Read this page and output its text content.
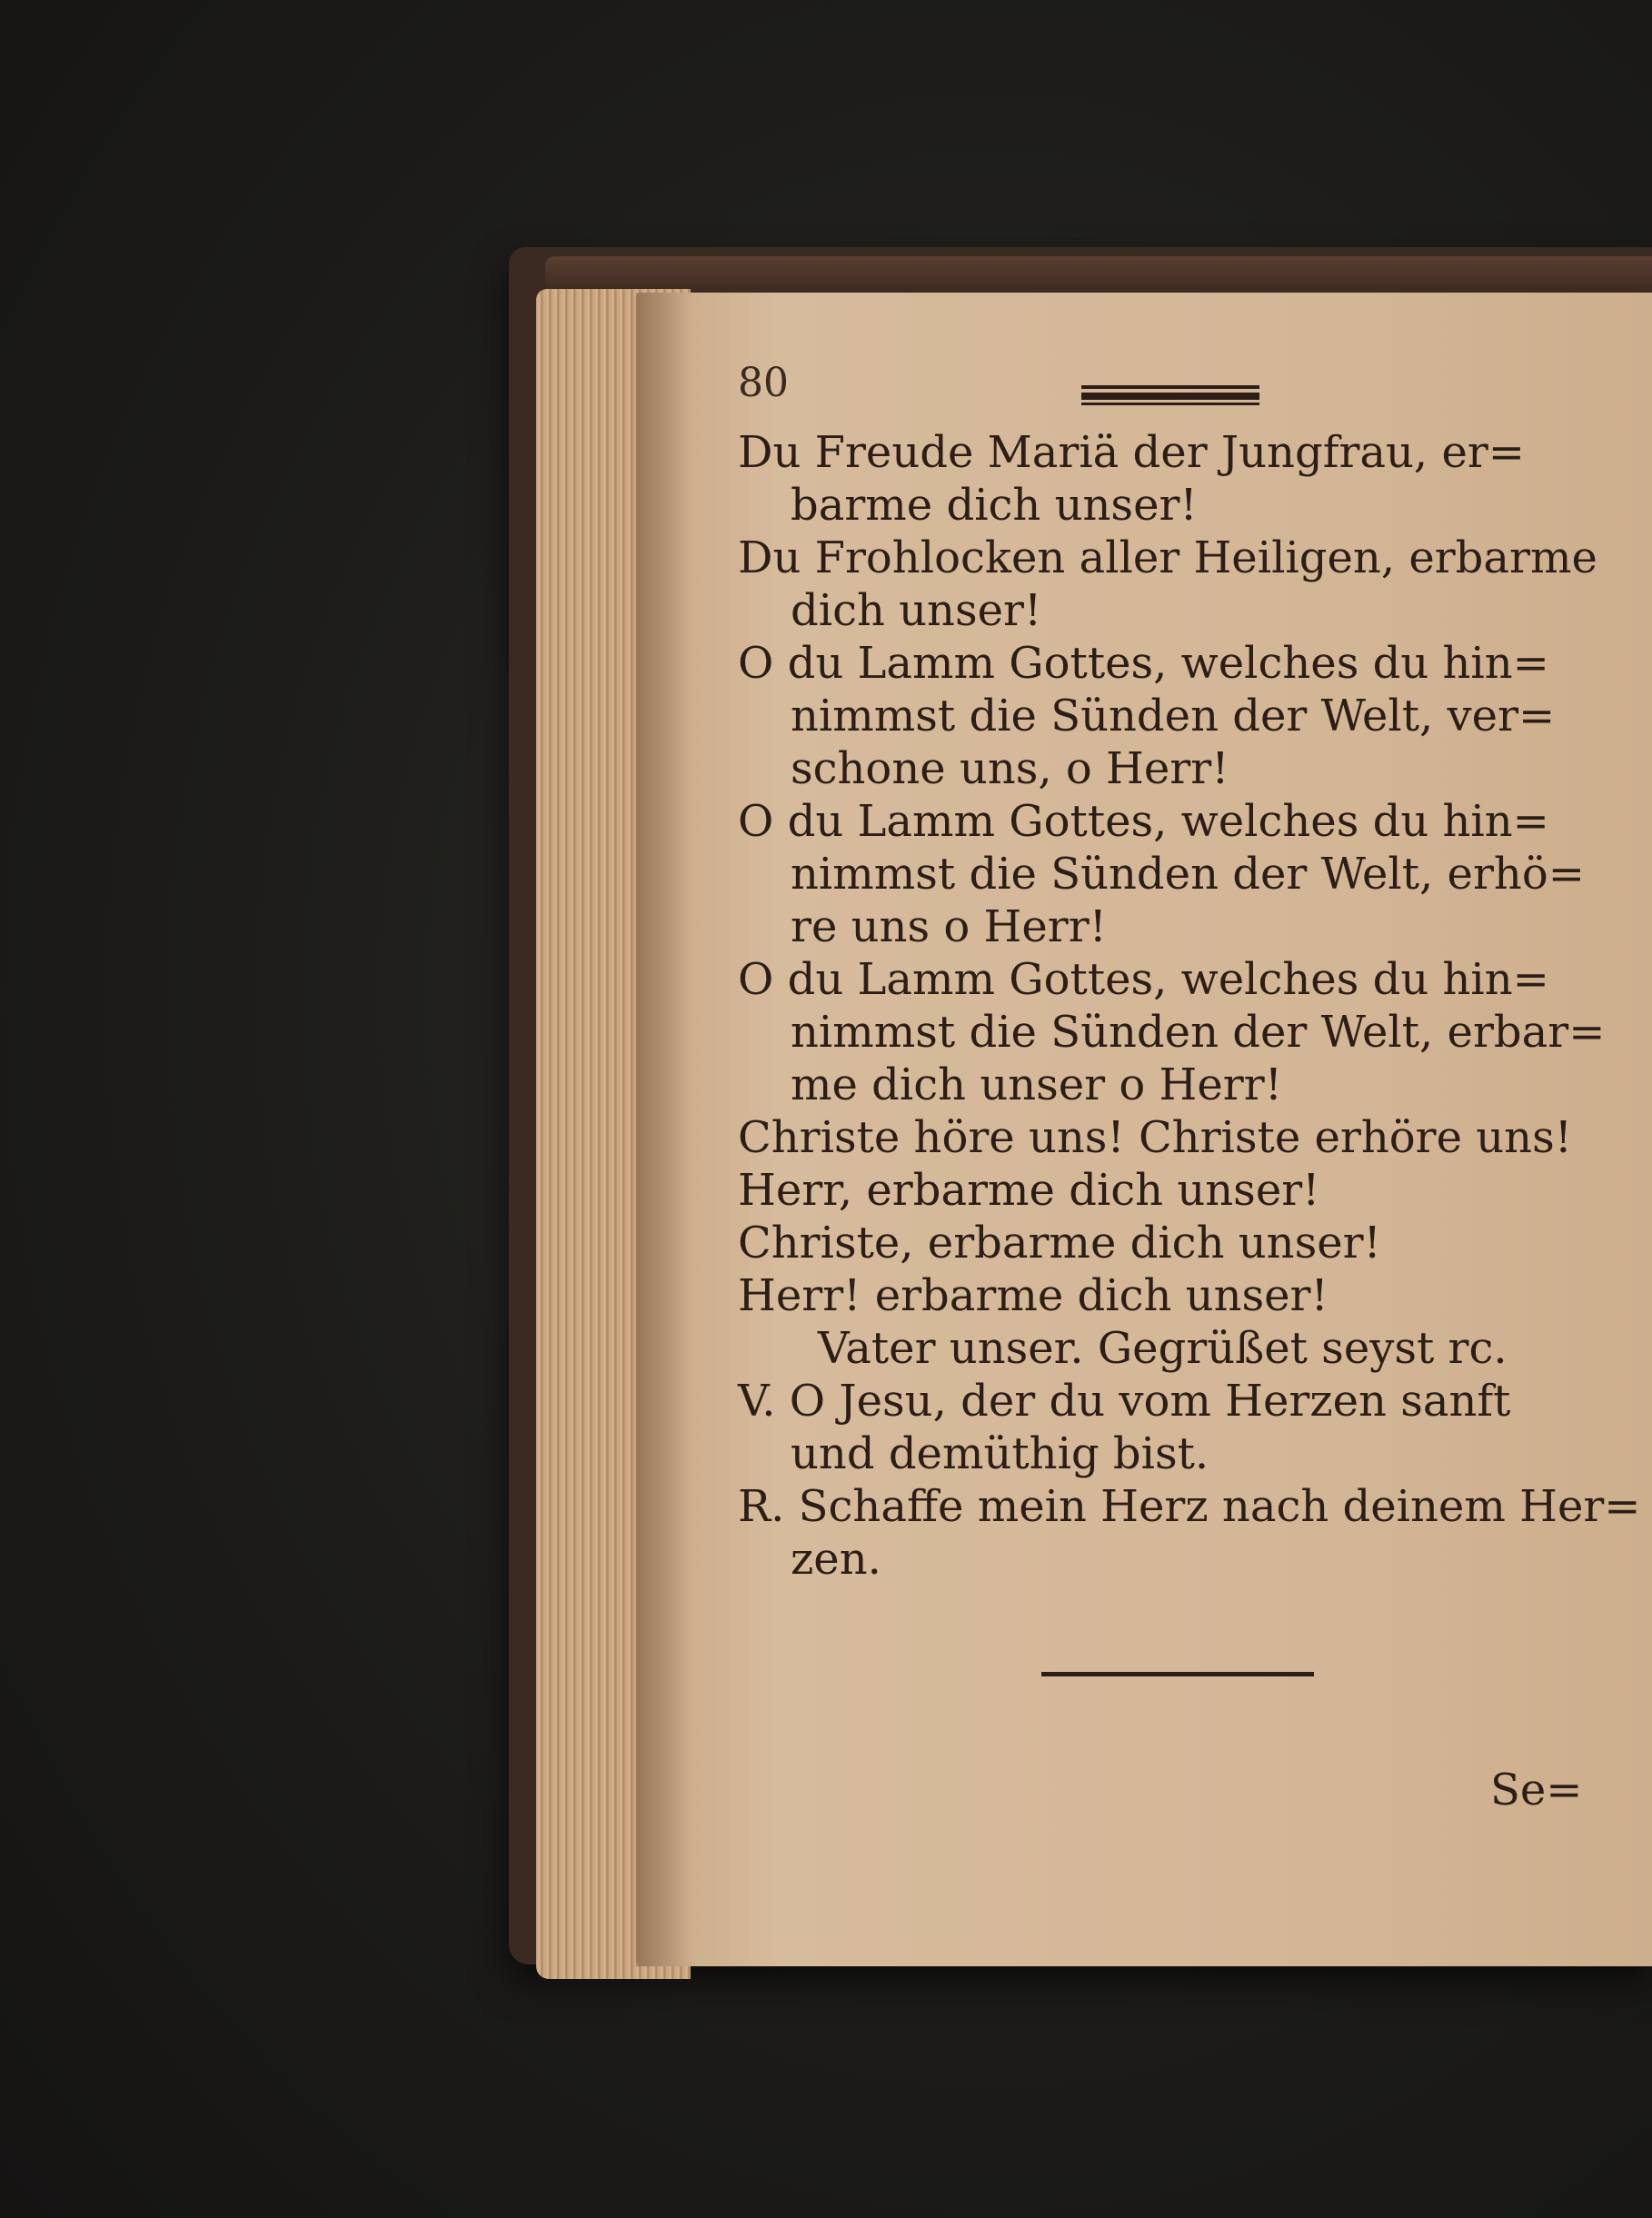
80
Du Freude Mariä der Jungfrau, er=
barme dich unser!
Du Frohlocken aller Heiligen, erbarme
dich unser!
O du Lamm Gottes, welches du hin=
nimmst die Sünden der Welt, ver=
schone uns, o Herr!
O du Lamm Gottes, welches du hin=
nimmst die Sünden der Welt, erhö=
re uns o Herr!
O du Lamm Gottes, welches du hin=
nimmst die Sünden der Welt, erbar=
me dich unser o Herr!
Christe höre uns! Christe erhöre uns!
Herr, erbarme dich unser!
Christe, erbarme dich unser!
Herr! erbarme dich unser!
Vater unser. Gegrüßet seyst rc.
V. O Jesu, der du vom Herzen sanft
und demüthig bist.
R. Schaffe mein Herz nach deinem Her=
zen.
Se=
